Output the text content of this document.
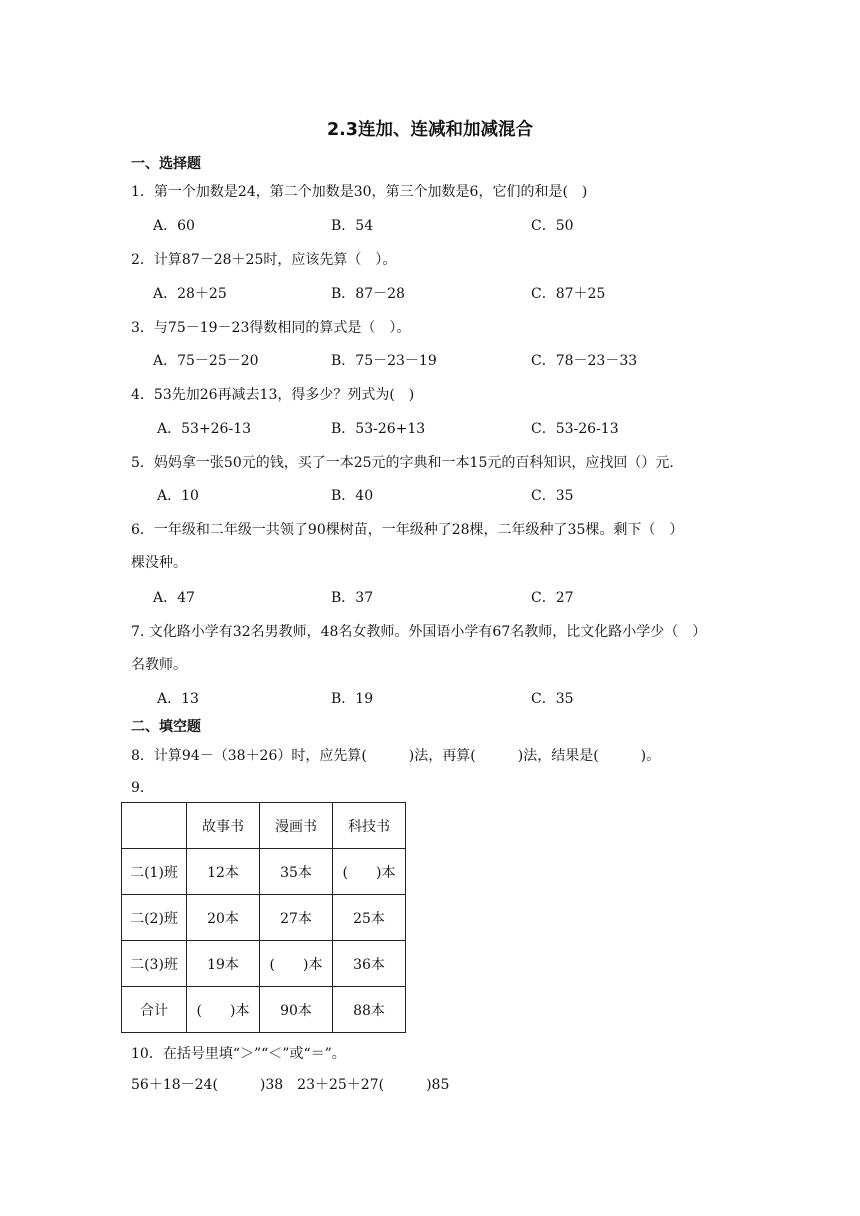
2.3连加、连减和加减混合
一、选择题
1．第一个加数是24，第二个加数是30，第三个加数是6，它们的和是(　)
A．60	B．54	C．50
2．计算87－28＋25时，应该先算（　）。
A．28＋25	B．87－28	C．87＋25
3．与75－19－23得数相同的算式是（　）。
A．75－25－20	B．75－23－19	C．78－23－33
4．53先加26再减去13，得多少？列式为(　)
A．53+26-13	B．53-26+13	C．53-26-13
5．妈妈拿一张50元的钱，买了一本25元的字典和一本15元的百科知识，应找回（）元.
A．10	B．40	C．35
6．一年级和二年级一共领了90棵树苗，一年级种了28棵，二年级种了35棵。剩下（　）
棵没种。
A．47	B．37	C．27
7. 文化路小学有32名男教师，48名女教师。外国语小学有67名教师，比文化路小学少（　）
名教师。
A．13	B．19	C．35
二、填空题
8．计算94－（38＋26）时，应先算(　　　)法，再算(　　　)法，结果是(　　　)。
9．
	故事书	漫画书	科技书
二(1)班	12本	35本	(　　)本
二(2)班	20本	27本	25本
二(3)班	19本	(　　)本	36本
合计	(　　)本	90本	88本
10．在括号里填“＞”“＜”或“＝”。
56＋18－24(　　　)38　23＋25＋27(　　　)85
